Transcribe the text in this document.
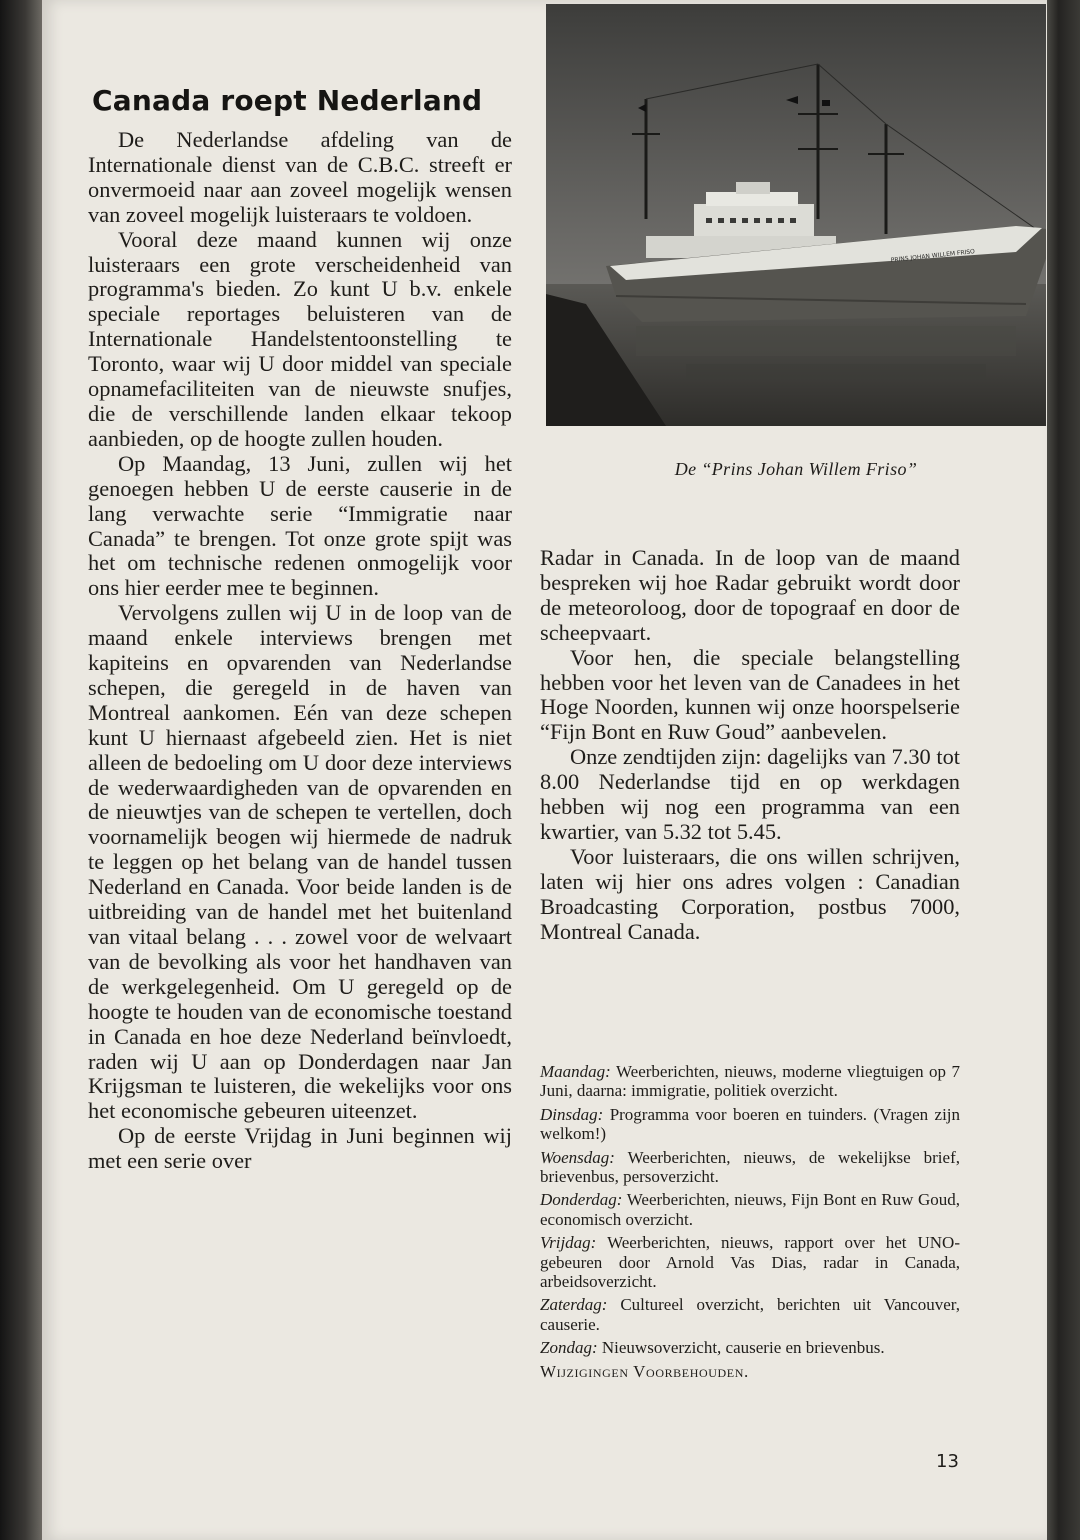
Canada roept Nederland

De Nederlandse afdeling van de Internationale dienst van de C.B.C. streeft er onvermoeid naar aan zoveel mogelijk wensen van zoveel mogelijk luisteraars te voldoen.

Vooral deze maand kunnen wij onze luisteraars een grote verscheidenheid van programma's bieden. Zo kunt U b.v. enkele speciale reportages beluisteren van de Internationale Handelstentoonstelling te Toronto, waar wij U door middel van speciale opnamefaciliteiten van de nieuwste snufjes, die de verschillende landen elkaar tekoop aanbieden, op de hoogte zullen houden.

Op Maandag, 13 Juni, zullen wij het genoegen hebben U de eerste causerie in de lang verwachte serie “Immigratie naar Canada” te brengen. Tot onze grote spijt was het om technische redenen onmogelijk voor ons hier eerder mee te beginnen.

Vervolgens zullen wij U in de loop van de maand enkele interviews brengen met kapiteins en opvarenden van Nederlandse schepen, die geregeld in de haven van Montreal aankomen. Eén van deze schepen kunt U hiernaast afgebeeld zien. Het is niet alleen de bedoeling om U door deze interviews de wederwaardigheden van de opvarenden en de nieuwtjes van de schepen te vertellen, doch voornamelijk beogen wij hiermede de nadruk te leggen op het belang van de handel tussen Nederland en Canada. Voor beide landen is de uitbreiding van de handel met het buitenland van vitaal belang . . . zowel voor de welvaart van de bevolking als voor het handhaven van de werkgelegenheid. Om U geregeld op de hoogte te houden van de economische toestand in Canada en hoe deze Nederland beïnvloedt, raden wij U aan op Donderdagen naar Jan Krijgsman te luisteren, die wekelijks voor ons het economische gebeuren uiteenzet.

Op de eerste Vrijdag in Juni beginnen wij met een serie over

PRINS JOHAN WILLEM FRISO
De “Prins Johan Willem Friso”

Radar in Canada. In de loop van de maand bespreken wij hoe Radar gebruikt wordt door de meteoroloog, door de topograaf en door de scheepvaart.

Voor hen, die speciale belangstelling hebben voor het leven van de Canadees in het Hoge Noorden, kunnen wij onze hoorspelserie “Fijn Bont en Ruw Goud” aanbevelen.

Onze zendtijden zijn: dagelijks van 7.30 tot 8.00 Nederlandse tijd en op werkdagen hebben wij nog een programma van een kwartier, van 5.32 tot 5.45.

Voor luisteraars, die ons willen schrijven, laten wij hier ons adres volgen : Canadian Broadcasting Corporation, postbus 7000, Montreal Canada.

Maandag: Weerberichten, nieuws, moderne vliegtuigen op 7 Juni, daarna: immigratie, politiek overzicht.
Dinsdag: Programma voor boeren en tuinders. (Vragen zijn welkom!)
Woensdag: Weerberichten, nieuws, de wekelijkse brief, brievenbus, persoverzicht.
Donderdag: Weerberichten, nieuws, Fijn Bont en Ruw Goud, economisch overzicht.
Vrijdag: Weerberichten, nieuws, rapport over het UNO-gebeuren door Arnold Vas Dias, radar in Canada, arbeidsoverzicht.
Zaterdag: Cultureel overzicht, berichten uit Vancouver, causerie.
Zondag: Nieuwsoverzicht, causerie en brievenbus.
Wijzigingen Voorbehouden.
13
